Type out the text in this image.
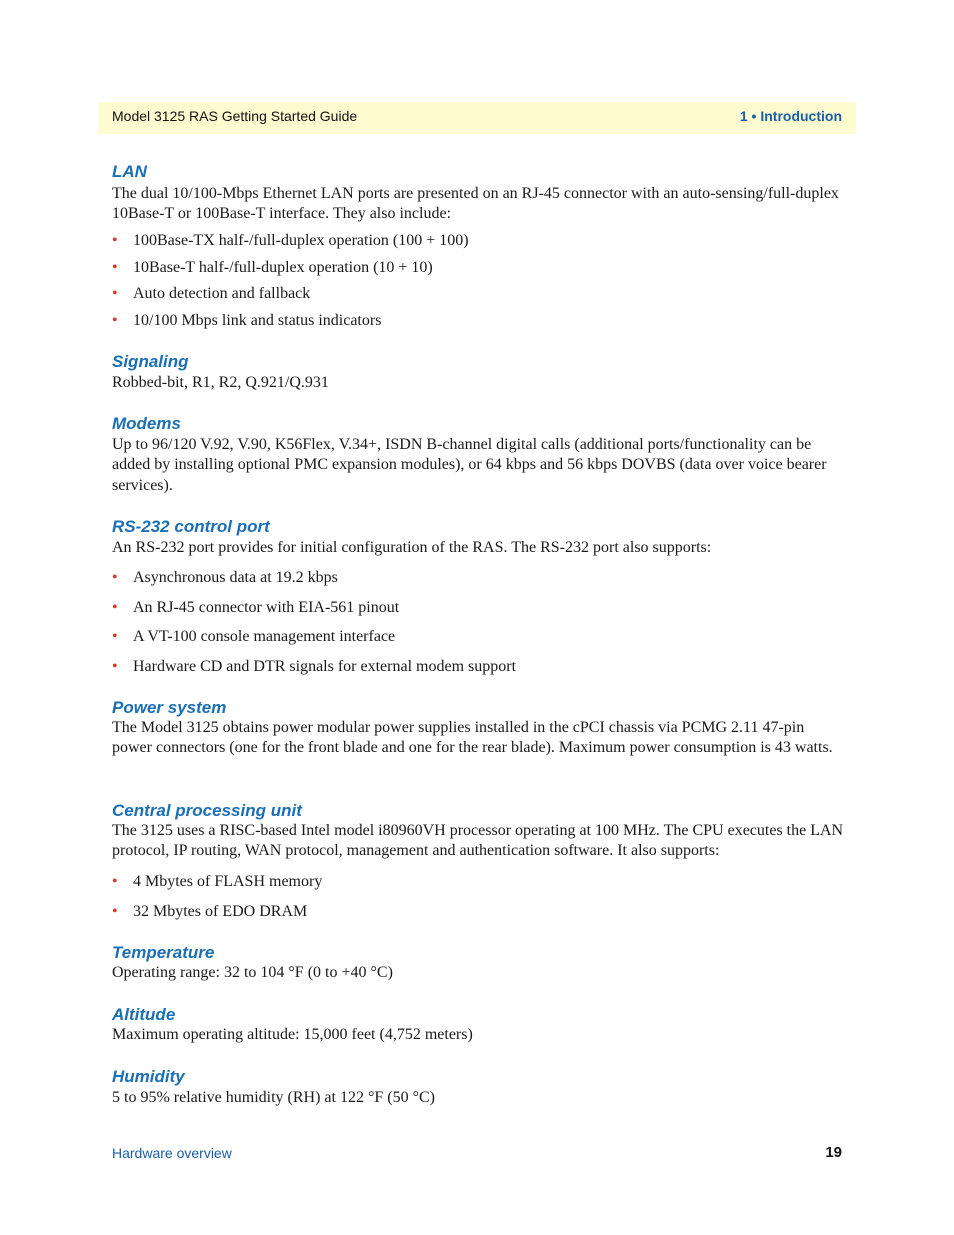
Model 3125 RAS Getting Started Guide	1 • Introduction
LAN

The dual 10/100-Mbps Ethernet LAN ports are presented on an RJ-45 connector with an auto-sensing/full-duplex 10Base-T or 100Base-T interface. They also include:

• 100Base-TX half-/full-duplex operation (100 + 100)
• 10Base-T half-/full-duplex operation (10 + 10)
• Auto detection and fallback
• 10/100 Mbps link and status indicators
Signaling

Robbed-bit, R1, R2, Q.921/Q.931

Modems

Up to 96/120 V.92, V.90, K56Flex, V.34+, ISDN B-channel digital calls (additional ports/functionality can be added by installing optional PMC expansion modules), or 64 kbps and 56 kbps DOVBS (data over voice bearer services).

RS-232 control port

An RS-232 port provides for initial configuration of the RAS. The RS-232 port also supports:

• Asynchronous data at 19.2 kbps
• An RJ-45 connector with EIA-561 pinout
• A VT-100 console management interface
• Hardware CD and DTR signals for external modem support
Power system

The Model 3125 obtains power modular power supplies installed in the cPCI chassis via PCMG 2.11 47-pin power connectors (one for the front blade and one for the rear blade). Maximum power consumption is 43 watts.

Central processing unit

The 3125 uses a RISC-based Intel model i80960VH processor operating at 100 MHz. The CPU executes the LAN protocol, IP routing, WAN protocol, management and authentication software. It also supports:

• 4 Mbytes of FLASH memory
• 32 Mbytes of EDO DRAM
Temperature

Operating range: 32 to 104 °F (0 to +40 °C)

Altitude

Maximum operating altitude: 15,000 feet (4,752 meters)

Humidity

5 to 95% relative humidity (RH) at 122 °F (50 °C)

Hardware overview	19
